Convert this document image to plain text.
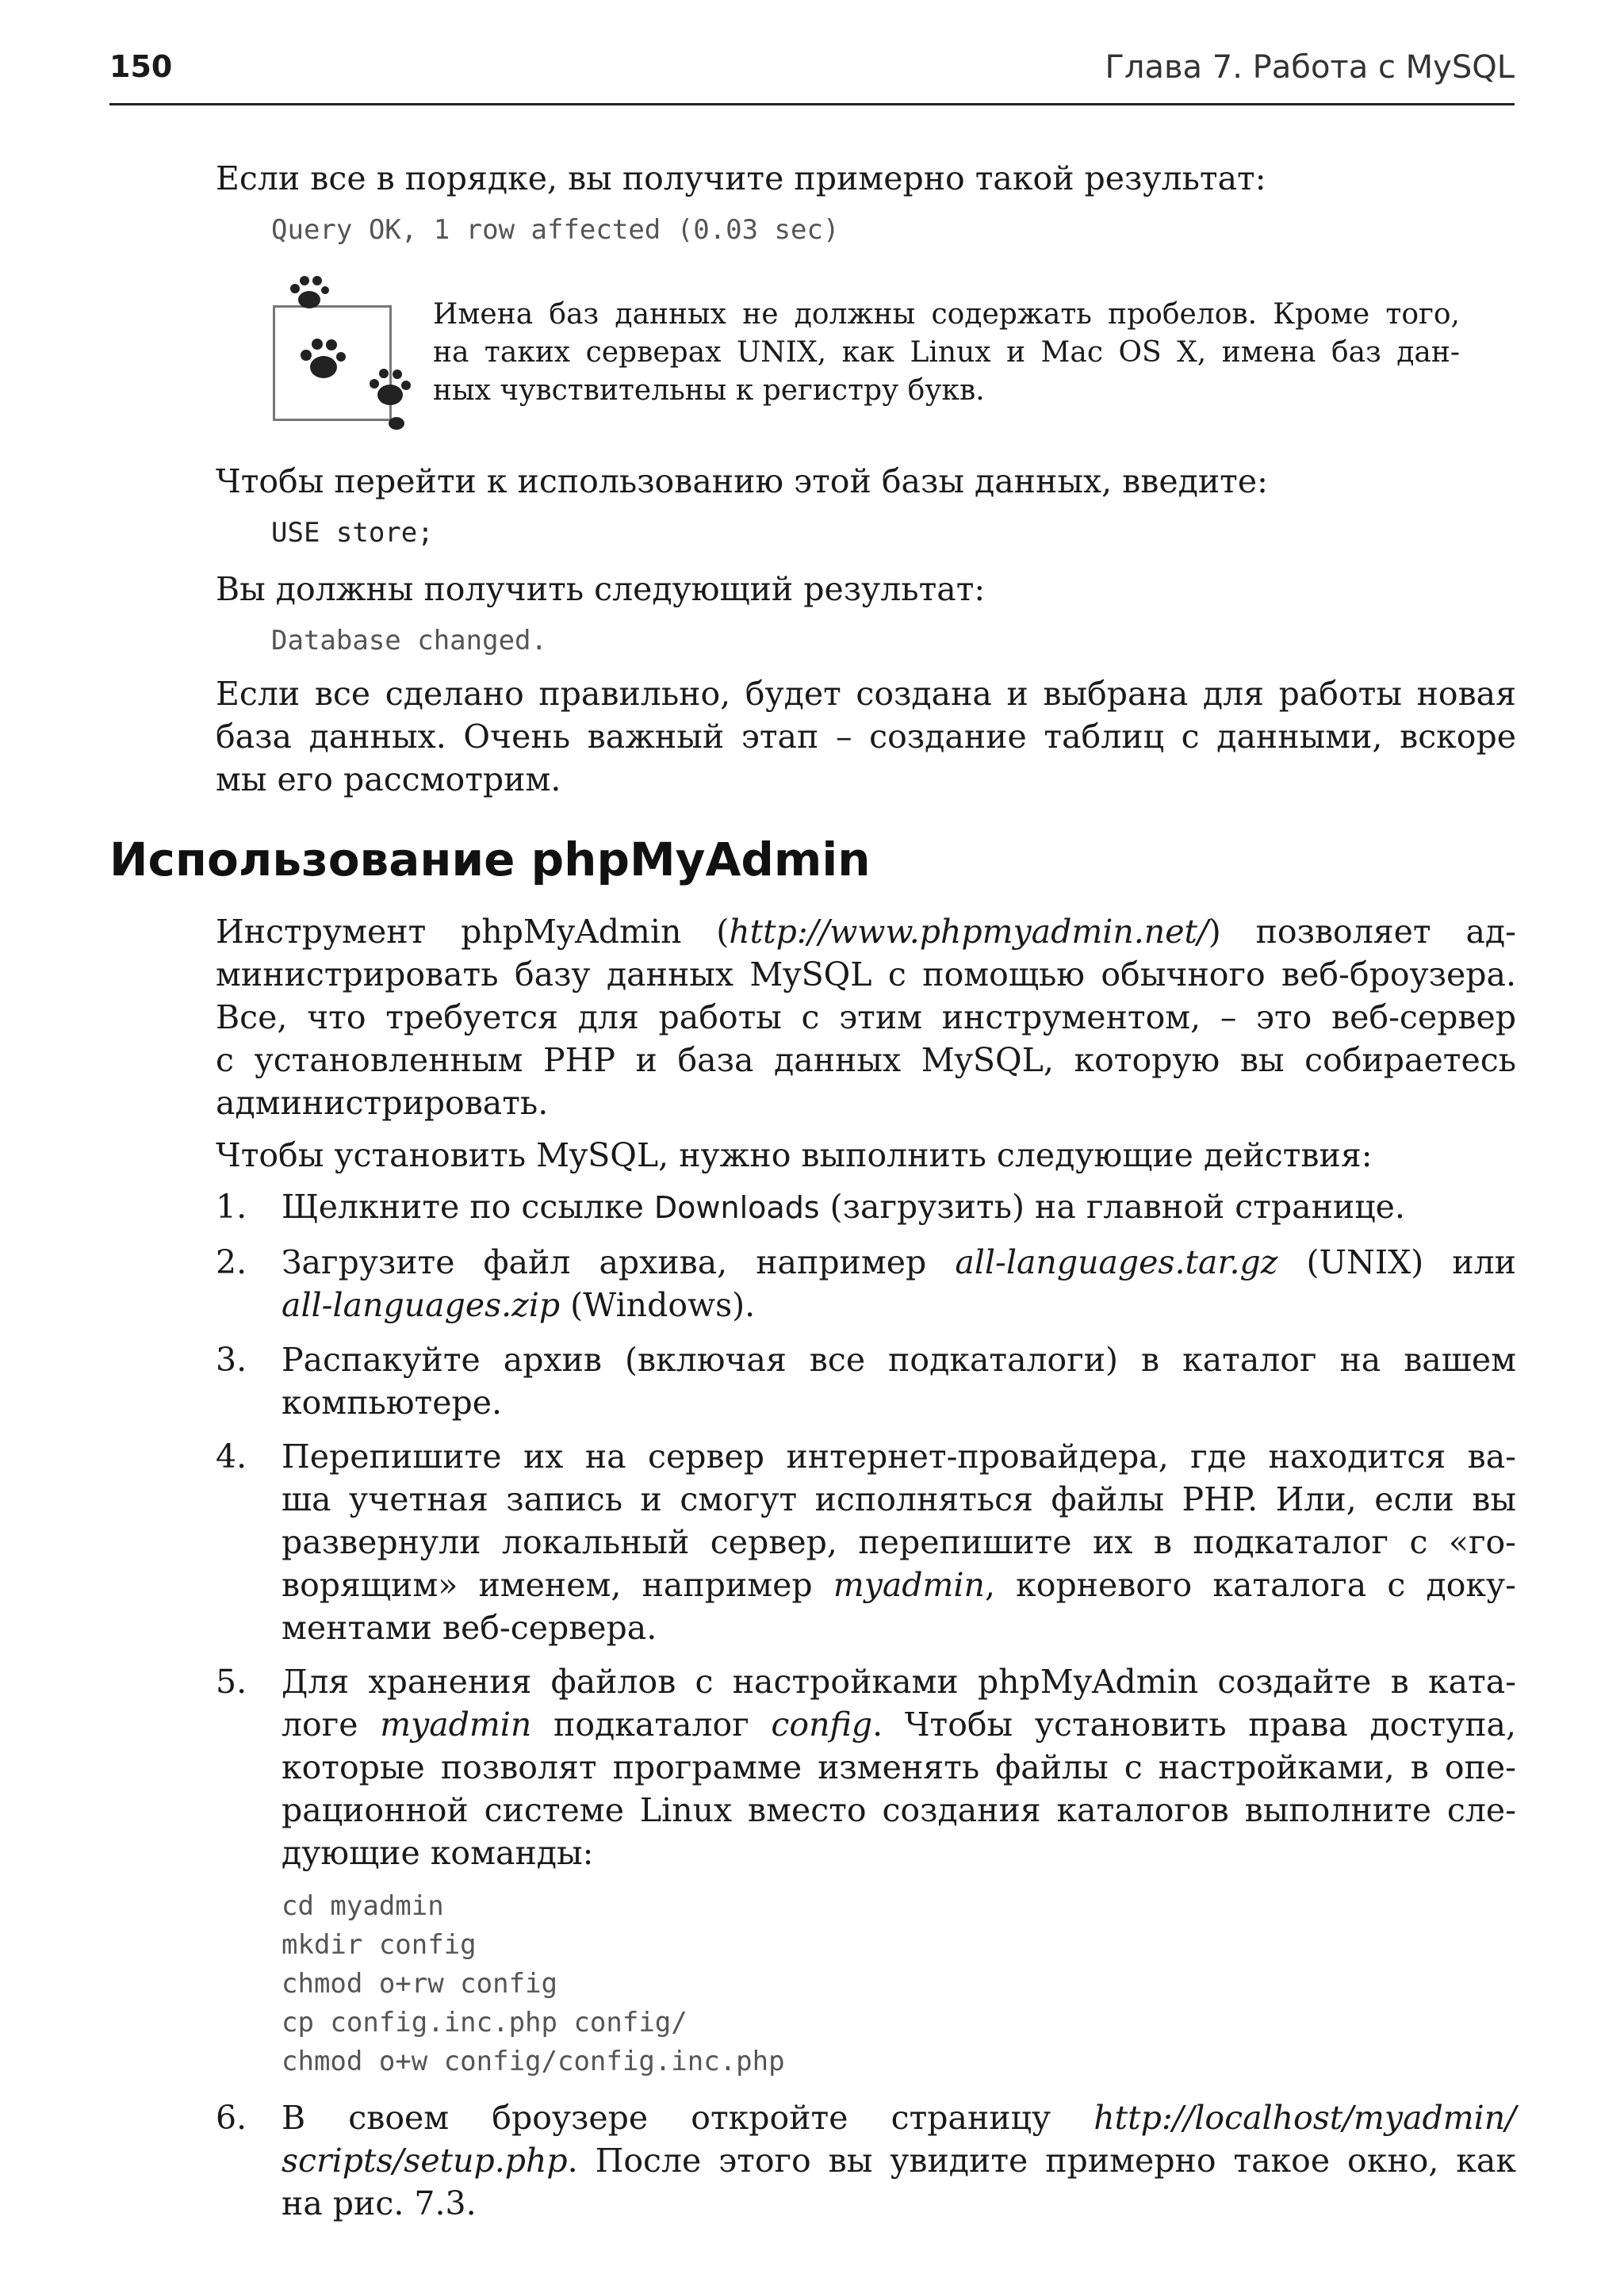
150	Глава 7. Работа с MySQL
Если все в порядке, вы получите примерно такой результат:
Query OK, 1 row affected (0.03 sec)
Имена баз данных не должны содержать пробелов. Кроме того,
на таких серверах UNIX, как Linux и Mac OS X, имена баз дан-
ных чувствительны к регистру букв.
Чтобы перейти к использованию этой базы данных, введите:
USE store;
Вы должны получить следующий результат:
Database changed.
Если все сделано правильно, будет создана и выбрана для работы новая
база данных. Очень важный этап – создание таблиц с данными, вскоре
мы его рассмотрим.
Использование phpMyAdmin
Инструмент phpMyAdmin (http://www.phpmyadmin.net/) позволяет ад-
министрировать базу данных MySQL с помощью обычного веб-броузера.
Все, что требуется для работы с этим инструментом, – это веб-сервер
с установленным PHP и база данных MySQL, которую вы собираетесь
администрировать.
Чтобы установить MySQL, нужно выполнить следующие действия:
1. Щелкните по ссылке Downloads (загрузить) на главной странице.
2. Загрузите файл архива, например all-languages.tar.gz (UNIX) или
all-languages.zip (Windows).
3. Распакуйте архив (включая все подкаталоги) в каталог на вашем
компьютере.
4. Перепишите их на сервер интернет-провайдера, где находится ва-
ша учетная запись и смогут исполняться файлы PHP. Или, если вы
развернули локальный сервер, перепишите их в подкаталог с «го-
ворящим» именем, например myadmin, корневого каталога с доку-
ментами веб-сервера.
5. Для хранения файлов с настройками phpMyAdmin создайте в ката-
логе myadmin подкаталог config. Чтобы установить права доступа,
которые позволят программе изменять файлы с настройками, в опе-
рационной системе Linux вместо создания каталогов выполните сле-
дующие команды:
cd myadmin
mkdir config
chmod o+rw config
cp config.inc.php config/
chmod o+w config/config.inc.php
6. В своем броузере откройте страницу http://localhost/myadmin/
scripts/setup.php. После этого вы увидите примерно такое окно, как
на рис. 7.3.
